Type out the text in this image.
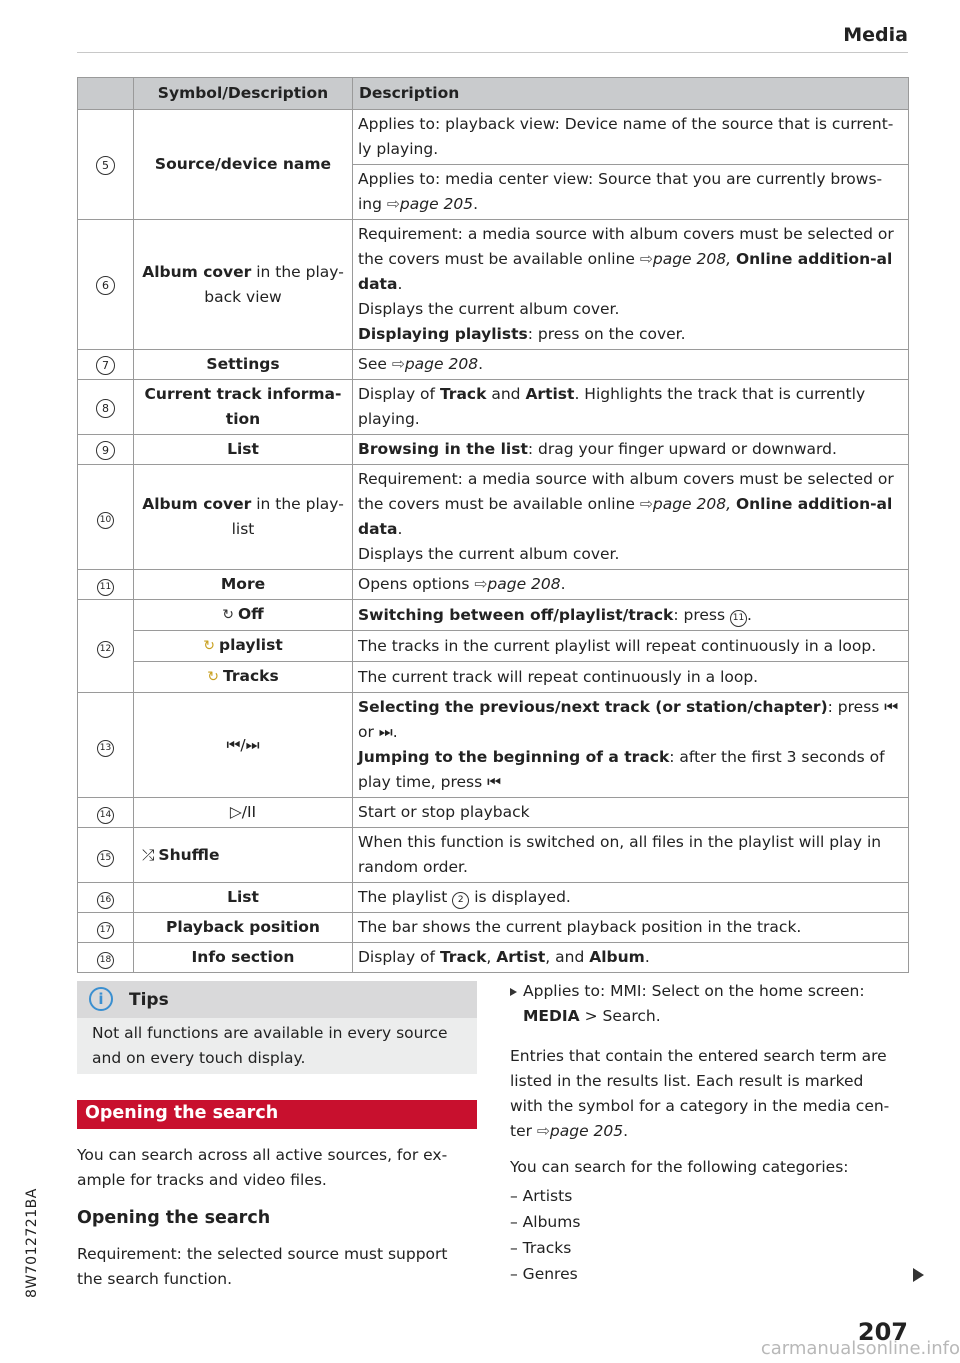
Media
	Symbol/Description	Description
5	Source/device name	Applies to: playback view: Device name of the source that is current-ly playing.
		Applies to: media center view: Source that you are currently brows-ing ⇨page 205.
6	Album cover in the play-back view	Requirement: a media source with album covers must be selected or the covers must be available online ⇨page 208, Online addition-al data.
Displays the current album cover.
Displaying playlists: press on the cover.
7	Settings	See ⇨page 208.
8	Current track informa-tion	Display of Track and Artist. Highlights the track that is currently playing.
9	List	Browsing in the list: drag your finger upward or downward.
10	Album cover in the play-list	Requirement: a media source with album covers must be selected or the covers must be available online ⇨page 208, Online addition-al data.
Displays the current album cover.
11	More	Opens options ⇨page 208.
12	↻ Off	Switching between off/playlist/track: press 11 .
	↻ playlist	The tracks in the current playlist will repeat continuously in a loop.
	↻ Tracks	The current track will repeat continuously in a loop.
13	⏮/⏭	Selecting the previous/next track (or station/chapter): press ⏮ or ⏭.
Jumping to the beginning of a track: after the first 3 seconds of play time, press ⏮
14	▷/II	Start or stop playback
15	⤮ Shuffle	When this function is switched on, all files in the playlist will play in random order.
16	List	The playlist 2 is displayed.
17	Playback position	The bar shows the current playback position in the track.
18	Info section	Display of Track, Artist, and Album.
i	Tips
Not all functions are available in every source
and on every touch display.
Opening the search
You can search across all active sources, for ex-
ample for tracks and video files.
Opening the search
Requirement: the selected source must support
the search function.
Applies to: MMI: Select on the home screen:
MEDIA > Search.
Entries that contain the entered search term are
listed in the results list. Each result is marked
with the symbol for a category in the media cen-
ter ⇨page 205.
You can search for the following categories:
– Artists
– Albums
– Tracks
– Genres
8W7012721BA
207
carmanualsonline.info
